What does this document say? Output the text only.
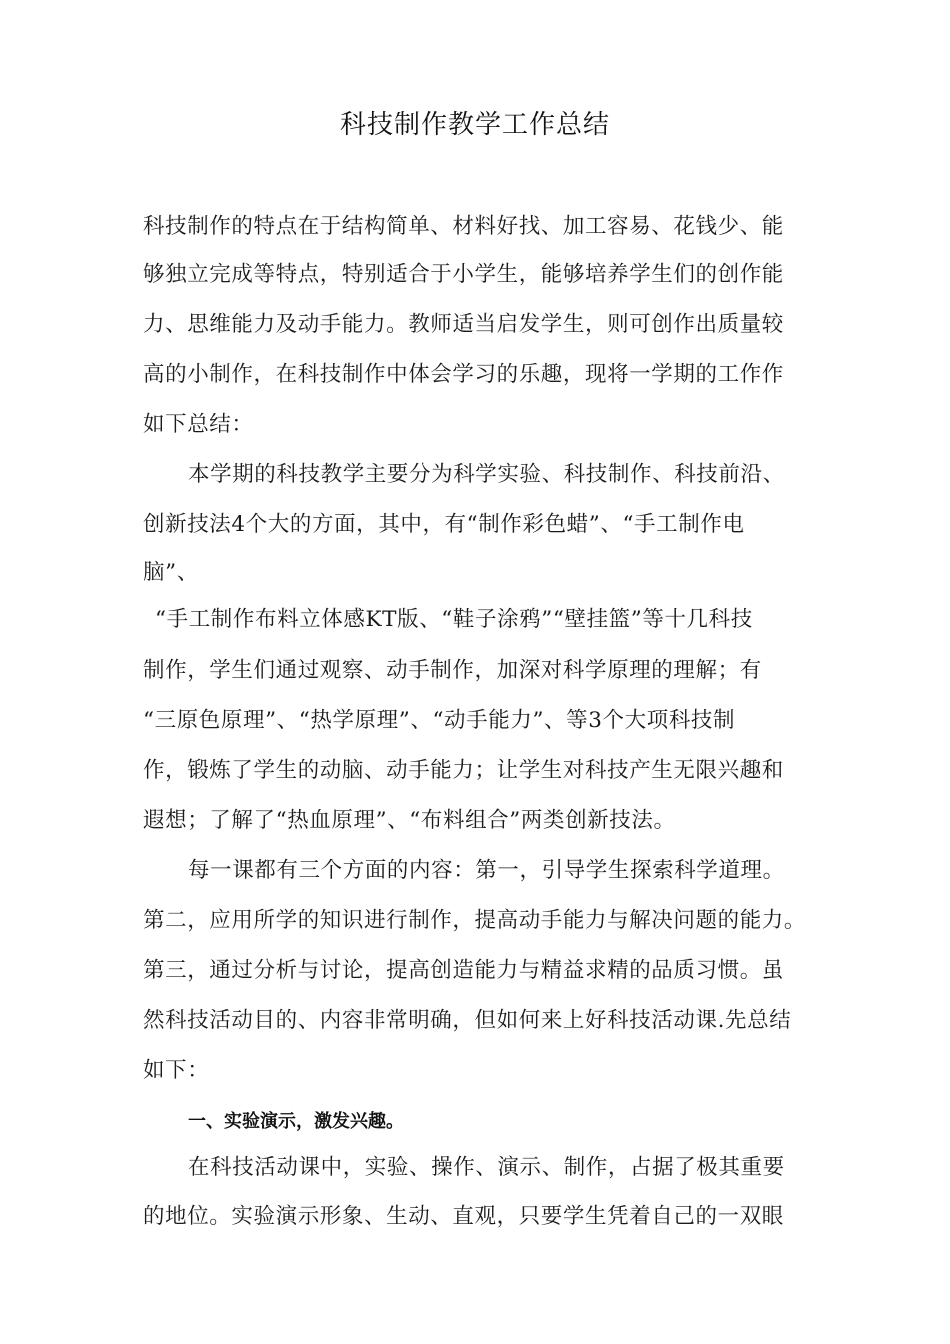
科技制作教学工作总结
科技制作的特点在于结构简单、材料好找、加工容易、花钱少、能
够独立完成等特点，特别适合于小学生，能够培养学生们的创作能
力、思维能力及动手能力。教师适当启发学生，则可创作出质量较
高的小制作，在科技制作中体会学习的乐趣，现将一学期的工作作
如下总结：
本学期的科技教学主要分为科学实验、科技制作、科技前沿、
创新技法4个大的方面，其中，有“制作彩色蜡”、“手工制作电
脑”、
“手工制作布料立体感KT版、“鞋子涂鸦”“壁挂篮”等十几科技
制作，学生们通过观察、动手制作，加深对科学原理的理解；有
“三原色原理”、“热学原理”、“动手能力”、等3个大项科技制
作，锻炼了学生的动脑、动手能力；让学生对科技产生无限兴趣和
遐想；了解了“热血原理”、“布料组合”两类创新技法。
每一课都有三个方面的内容：第一，引导学生探索科学道理。
第二，应用所学的知识进行制作，提高动手能力与解决问题的能力。
第三，通过分析与讨论，提高创造能力与精益求精的品质习惯。虽
然科技活动目的、内容非常明确，但如何来上好科技活动课.先总结
如下：
一、实验演示，激发兴趣。
在科技活动课中，实验、操作、演示、制作，占据了极其重要
的地位。实验演示形象、生动、直观，只要学生凭着自己的一双眼
